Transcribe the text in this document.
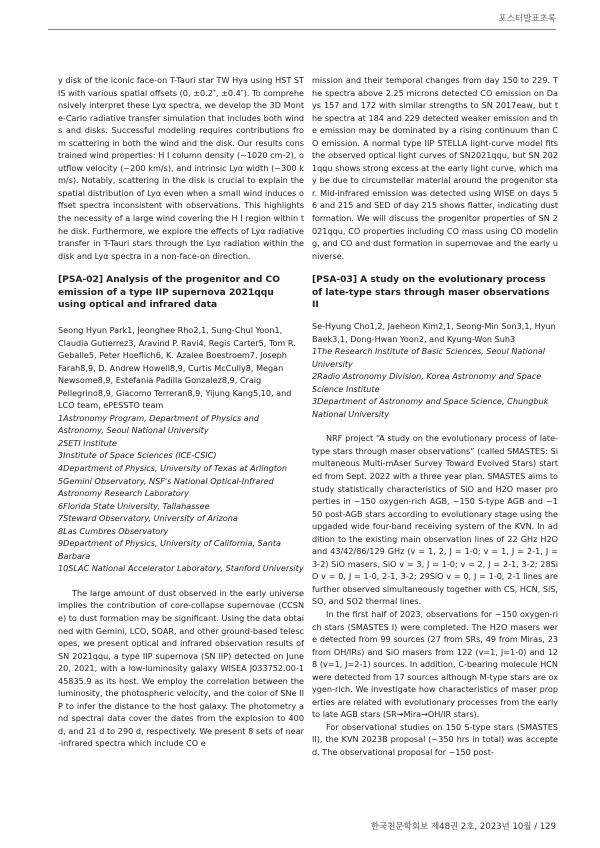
포스터발표초록

y disk of the iconic face-on T-Tauri star TW Hya using HST STIS with various spatial offsets (0, ±0.2″, ±0.4″). To comprehensively interpret these Lyα spectra, we develop the 3D Monte-Carlo radiative transfer simulation that includes both winds and disks. Successful modeling requires contributions from scattering in both the wind and the disk. Our results constrained wind properties: H I column density (~1020 cm-2), outflow velocity (~200 km/s), and intrinsic Lyα width (~300 km/s). Notably, scattering in the disk is crucial to explain the spatial distribution of Lyα even when a small wind induces offset spectra inconsistent with observations. This highlights the necessity of a large wind covering the H I region within the disk. Furthermore, we explore the effects of Lyα radiative transfer in T-Tauri stars through the Lyα radiation within the disk and Lyα spectra in a non-face-on direction.

[PSA-02] Analysis of the progenitor and CO emission of a type IIP supernova 2021qqu using optical and infrared data

Seong Hyun Park1, Jeonghee Rho2,1, Sung-Chul Yoon1, Claudia Gutierrez3, Aravind P. Ravi4, Regis Carter5, Tom R. Geballe5, Peter Hoeflich6, K. Azalee Boestroem7, Joseph Farah8,9, D. Andrew Howell8,9, Curtis McCully8, Megan Newsome8,9, Estefania Padilla Gonzalez8,9, Craig Pellegrino8,9, Giacomo Terreran8,9, Yijung Kang5,10, and LCO team, ePESSTO team

1Astronomy Program, Department of Physics and Astronomy, Seoul National University

2SETI Institute

3Institute of Space Sciences (ICE-CSIC)

4Department of Physics, University of Texas at Arlington

5Gemini Observatory, NSF's National Optical-Infrared Astronomy Research Laboratory

6Florida State University, Tallahassee

7Steward Observatory, University of Arizona

8Las Cumbres Observatory

9Department of Physics, University of California, Santa Barbara

10SLAC National Accelerator Laboratory, Stanford University

The large amount of dust observed in the early universe implies the contribution of core-collapse supernovae (CCSNe) to dust formation may be significant. Using the data obtained with Gemini, LCO, SOAR, and other ground-based telescopes, we present optical and infrared observation results of SN 2021qqu, a type IIP supernova (SN IIP) detected on June 20, 2021, with a low-luminosity galaxy WISEA J033752.00-145835.9 as its host. We employ the correlation between the luminosity, the photospheric velocity, and the color of SNe IIP to infer the distance to the host galaxy. The photometry and spectral data cover the dates from the explosion to 400 d, and 21 d to 290 d, respectively. We present 8 sets of near-infrared spectra which include CO e

mission and their temporal changes from day 150 to 229. The spectra above 2.25 microns detected CO emission on Days 157 and 172 with similar strengths to SN 2017eaw, but the spectra at 184 and 229 detected weaker emission and the emission may be dominated by a rising continuum than CO emission. A normal type IIP STELLA light-curve model fits the observed optical light curves of SN2021qqu, but SN 2021qqu shows strong excess at the early light curve, which may be due to circumstellar material around the progenitor star. Mid-infrared emission was detected using WISE on days 56 and 215 and SED of day 215 shows flatter, indicating dust formation. We will discuss the progenitor properties of SN 2021qqu, CO properties including CO mass using CO modeling, and CO and dust formation in supernovae and the early universe.

[PSA-03] A study on the evolutionary process of late-type stars through maser observations II

Se-Hyung Cho1,2, Jaeheon Kim2,1, Seong-Min Son3,1, Hyun Baek3,1, Dong-Hwan Yoon2, and Kyung-Won Suh3

1The Research Institute of Basic Sciences, Seoul National University

2Radio Astronomy Division, Korea Astronomy and Space Science Institute

3Department of Astronomy and Space Science, Chungbuk National University

NRF project “A study on the evolutionary process of late-type stars through maser observations” (called SMASTES: Simultaneous Multi-mAser Survey Toward Evolved Stars) started from Sept. 2022 with a three year plan. SMASTES aims to study statistically characteristics of SiO and H2O maser properties in ~150 oxygen-rich AGB, ~150 S-type AGB and ~150 post-AGB stars according to evolutionary stage using the upgaded wide four-band receiving system of the KVN. In addition to the existing main observation lines of 22 GHz H2O and 43/42/86/129 GHz (v = 1, 2, J = 1-0; v = 1, J = 2-1, J = 3-2) SiO masers, SiO v = 3, J = 1-0; v = 2, J = 2-1, 3-2; 28SiO v = 0, J = 1-0, 2-1, 3-2; 29SiO v = 0, J = 1-0, 2-1 lines are further observed simultaneously together with CS, HCN, SiS, SO, and SO2 thermal lines.

In the first half of 2023, observations for ~150 oxygen-rich stars (SMASTES I) were completed. The H2O masers were detected from 99 sources (27 from SRs, 49 from Miras, 23 from OH/IRs) and SiO masers from 122 (v=1, J=1-0) and 128 (v=1, J=2-1) sources. In addition, C-bearing molecule HCN were detected from 17 sources although M-type stars are oxygen-rich. We investigate how characteristics of maser properties are related with evolutionary processes from the early to late AGB stars (SR→Mira→OH/IR stars).

For observational studies on 150 S-type stars (SMASTES II), the KVN 2023B proposal (~350 hrs in total) was accepted. The observational proposal for ~150 post-

한국천문학회보 제48권 2호, 2023년 10월 / 129
